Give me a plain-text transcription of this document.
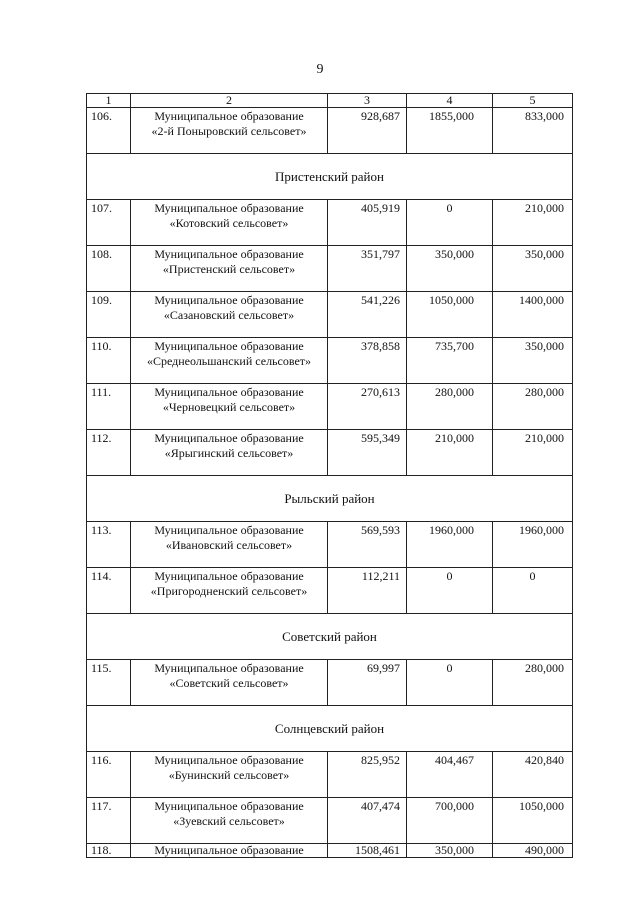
9
1	2	3	4	5
106.	Муниципальное образование
«2-й Поныровский сельсовет»	928,687	1855,000	833,000
Пристенский район				
107.	Муниципальное образование
«Котовский сельсовет»	405,919	0	210,000
108.	Муниципальное образование
«Пристенский сельсовет»	351,797	350,000	350,000
109.	Муниципальное образование
«Сазановский сельсовет»	541,226	1050,000	1400,000
110.	Муниципальное образование
«Среднеольшанский сельсовет»	378,858	735,700	350,000
111.	Муниципальное образование
«Черновецкий сельсовет»	270,613	280,000	280,000
112.	Муниципальное образование
«Ярыгинский сельсовет»	595,349	210,000	210,000
Рыльский район				
113.	Муниципальное образование
«Ивановский сельсовет»	569,593	1960,000	1960,000
114.	Муниципальное образование
«Пригородненский сельсовет»	112,211	0	0
Советский район				
115.	Муниципальное образование
«Советский сельсовет»	69,997	0	280,000
Солнцевский район				
116.	Муниципальное образование
«Бунинский сельсовет»	825,952	404,467	420,840
117.	Муниципальное образование
«Зуевский сельсовет»	407,474	700,000	1050,000
118.	Муниципальное образование	1508,461	350,000	490,000
